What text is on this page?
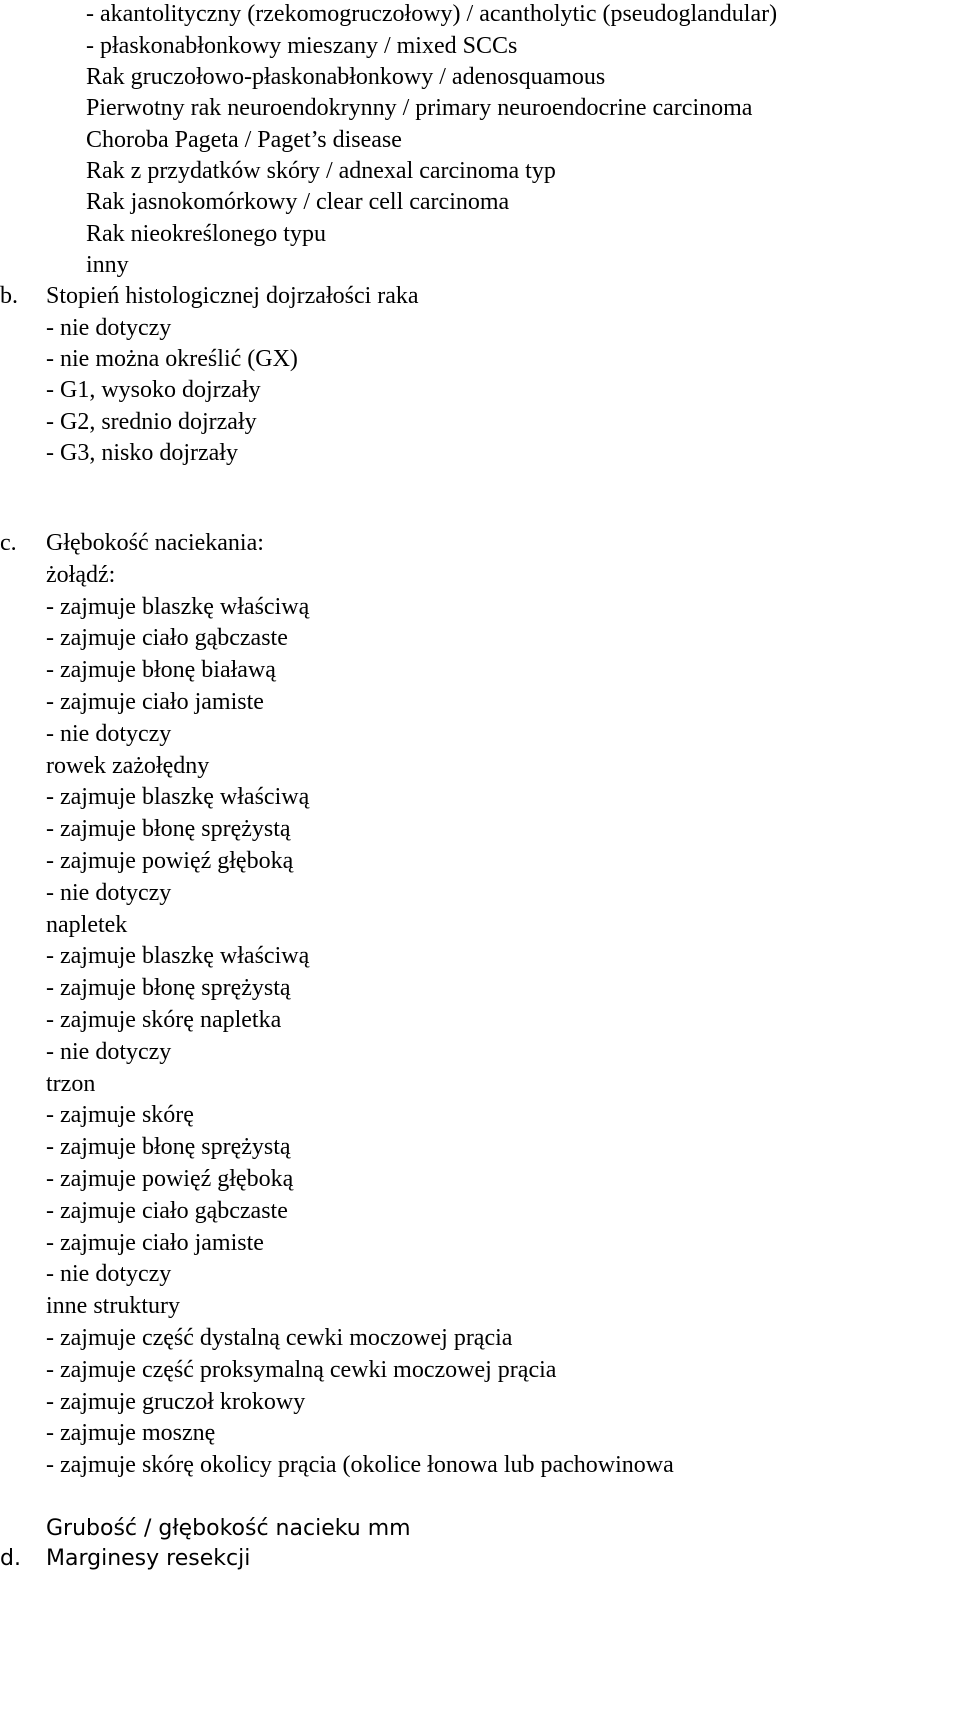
- akantolityczny (rzekomogruczołowy) / acantholytic (pseudoglandular)
- płaskonabłonkowy mieszany / mixed SCCs
Rak gruczołowo-płaskonabłonkowy / adenosquamous
Pierwotny rak neuroendokrynny / primary neuroendocrine carcinoma
Choroba Pageta / Paget’s disease
Rak z przydatków skóry / adnexal carcinoma typ
Rak jasnokomórkowy / clear cell carcinoma
Rak nieokreślonego typu
inny
b. Stopień histologicznej dojrzałości raka
- nie dotyczy
- nie można określić (GX)
- G1, wysoko dojrzały
- G2, srednio dojrzały
- G3, nisko dojrzały
c. Głębokość naciekania:
żołądź:
- zajmuje blaszkę właściwą
- zajmuje ciało gąbczaste
- zajmuje błonę białawą
- zajmuje ciało jamiste
- nie dotyczy
rowek zażołędny
- zajmuje blaszkę właściwą
- zajmuje błonę sprężystą
- zajmuje powięź głęboką
- nie dotyczy
napletek
- zajmuje blaszkę właściwą
- zajmuje błonę sprężystą
- zajmuje skórę napletka
- nie dotyczy
trzon
- zajmuje skórę
- zajmuje błonę sprężystą
- zajmuje powięź głęboką
- zajmuje ciało gąbczaste
- zajmuje ciało jamiste
- nie dotyczy
inne struktury
- zajmuje część dystalną cewki moczowej prącia
- zajmuje część proksymalną cewki moczowej prącia
- zajmuje gruczoł krokowy
- zajmuje mosznę
- zajmuje skórę okolicy prącia (okolice łonowa lub pachowinowa
Grubość / głębokość nacieku mm
d. Marginesy resekcji
